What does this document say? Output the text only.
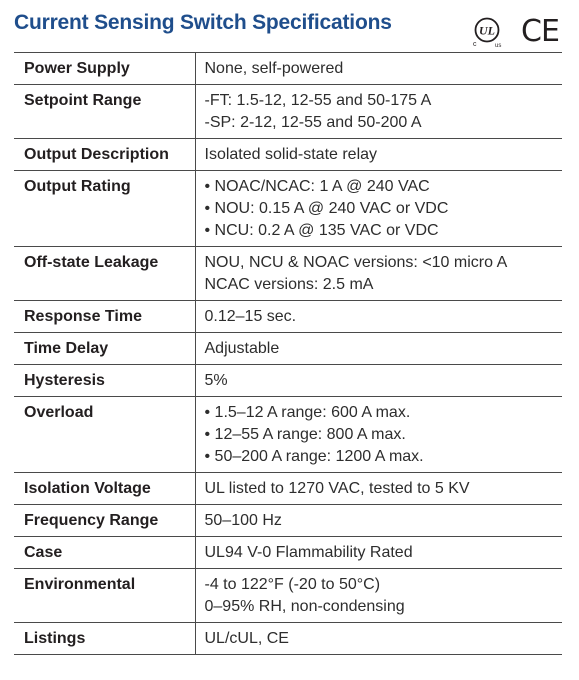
Current Sensing Switch Specifications	UL
c	us CE
Power Supply	None, self-powered

Setpoint Range	-FT: 1.5-12, 12-55 and 50-175 A
-SP: 2-12, 12-55 and 50-200 A

Output Description	Isolated solid-state relay

Output Rating	• NOAC/NCAC: 1 A @ 240 VAC
• NOU: 0.15 A @ 240 VAC or VDC
• NCU: 0.2 A @ 135 VAC or VDC

Off-state Leakage	NOU, NCU & NOAC versions: <10 micro A
NCAC versions: 2.5 mA

Response Time	0.12–15 sec.

Time Delay	Adjustable

Hysteresis	5%

Overload	• 1.5–12 A range: 600 A max.
• 12–55 A range: 800 A max.
• 50–200 A range: 1200 A max.

Isolation Voltage	UL listed to 1270 VAC, tested to 5 KV

Frequency Range	50–100 Hz

Case	UL94 V-0 Flammability Rated

Environmental	-4 to 122°F (-20 to 50°C)
0–95% RH, non-condensing

Listings	UL/cUL, CE
